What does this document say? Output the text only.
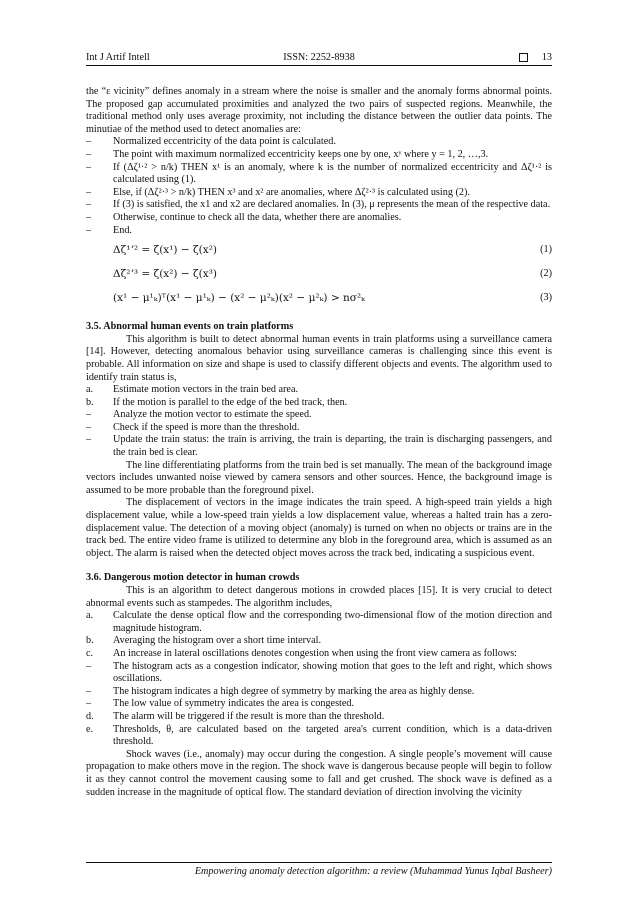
Int J Artif Intell	ISSN: 2252-8938	13

the “ε vicinity” defines anomaly in a stream where the noise is smaller and the anomaly forms abnormal points. The proposed gap accumulated proximities and analyzed the two pairs of suspected regions. Meanwhile, the traditional method only uses average proximity, not including the distance between the outlier data points. The minutiae of the method used to detect anomalies are:

–	Normalized eccentricity of the data point is calculated.
–	The point with maximum normalized eccentricity keeps one by one, xʸ where y = 1, 2, …,3.
–	If (Δζ¹·² > n/k) THEN x¹ is an anomaly, where k is the number of normalized eccentricity and Δζ¹·² is calculated using (1).
–	Else, if (Δζ²·³ > n/k) THEN x³ and x² are anomalies, where Δζ²·³ is calculated using (2).
–	If (3) is satisfied, the x1 and x2 are declared anomalies. In (3), μ represents the mean of the respective data.
–	Otherwise, continue to check all the data, whether there are anomalies.
–	End.
Δζ¹ʼ² = ζ(x¹) − ζ(x²)	(1)
Δζ²ʼ³ = ζ(x²) − ζ(x³)	(2)
(x¹ − μ¹ₖ)ᵀ(x¹ − μ¹ₖ) − (x² − μ²ₖ)(x² − μ²ₖ) > nσ²ₖ	(3)

3.5. Abnormal human events on train platforms

This algorithm is built to detect abnormal human events in train platforms using a surveillance camera [14]. However, detecting anomalous behavior using surveillance cameras is challenging since this event is probable. All information on size and shape is used to classify different objects and events. The algorithm used to identify train status is,

a.	Estimate motion vectors in the train bed area.
b.	If the motion is parallel to the edge of the bed track, then.
–	Analyze the motion vector to estimate the speed.
–	Check if the speed is more than the threshold.
–	Update the train status: the train is arriving, the train is departing, the train is discharging passengers, and the train bed is clear.

The line differentiating platforms from the train bed is set manually. The mean of the background image vectors includes unwanted noise viewed by camera sensors and other sources. Hence, the background image is assumed to be more probable than the foreground pixel.

The displacement of vectors in the image indicates the train speed. A high-speed train yields a high displacement value, while a low-speed train yields a low displacement value, whereas a halted train has a zero-displacement value. The detection of a moving object (anomaly) is turned on when no objects or trains are in the track bed. The entire video frame is utilized to determine any blob in the foreground area, which is assumed as an object. The alarm is raised when the detected object moves across the track bed, indicating a suspicious event.

3.6. Dangerous motion detector in human crowds

This is an algorithm to detect dangerous motions in crowded places [15]. It is very crucial to detect abnormal events such as stampedes. The algorithm includes,

a.	Calculate the dense optical flow and the corresponding two-dimensional flow of the motion direction and magnitude histogram.
b.	Averaging the histogram over a short time interval.
c.	An increase in lateral oscillations denotes congestion when using the front view camera as follows:
–	The histogram acts as a congestion indicator, showing motion that goes to the left and right, which shows oscillations.
–	The histogram indicates a high degree of symmetry by marking the area as highly dense.
–	The low value of symmetry indicates the area is congested.
d.	The alarm will be triggered if the result is more than the threshold.
e.	Thresholds, θ, are calculated based on the targeted area's current condition, which is a data-driven threshold.

Shock waves (i.e., anomaly) may occur during the congestion. A single people’s movement will cause propagation to make others move in the region. The shock wave is dangerous because people will begin to follow it as they cannot control the movement causing some to fall and get crushed. The shock wave is defined as a sudden increase in the magnitude of optical flow. The standard deviation of direction involving the vicinity

Empowering anomaly detection algorithm: a review (Muhammad Yunus Iqbal Basheer)
